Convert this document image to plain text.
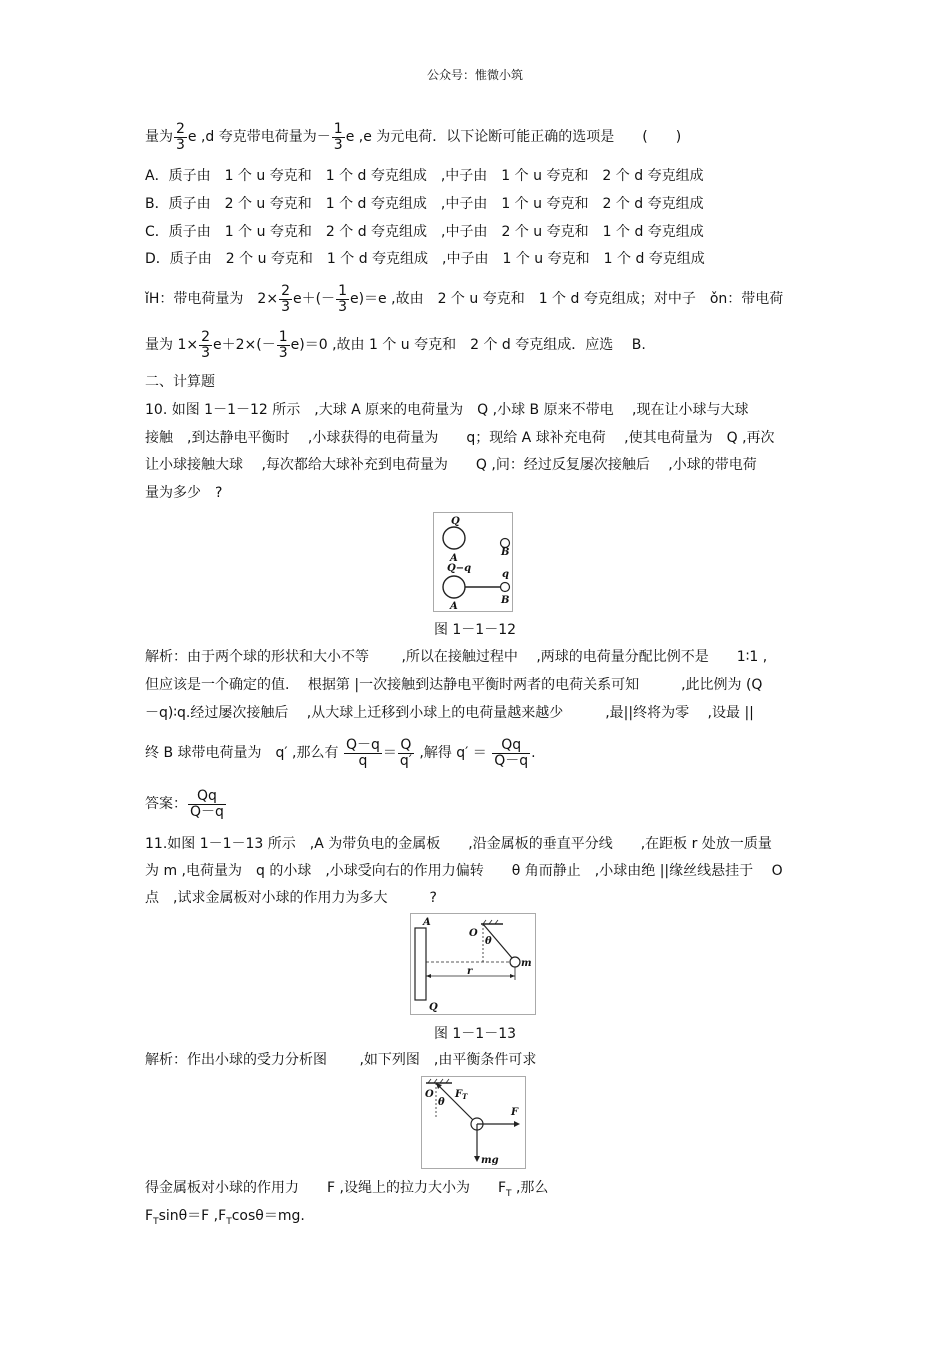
公众号：惟微小筑
量为 $\frac{2}{3}$ e ,d 夸克带电荷量为－ $\frac{1}{3}$ e ,e 为元电荷．以下论断可能正确的选项是　　(　　)
A．质子由　1 个 u 夸克和　1 个 d 夸克组成　,中子由　1 个 u 夸克和　2 个 d 夸克组成
B．质子由　2 个 u 夸克和　1 个 d 夸克组成　,中子由　1 个 u 夸克和　2 个 d 夸克组成
C．质子由　1 个 u 夸克和　2 个 d 夸克组成　,中子由　2 个 u 夸克和　1 个 d 夸克组成
D．质子由　2 个 u 夸克和　1 个 d 夸克组成　,中子由　1 个 u 夸克和　1 个 d 夸克组成
ǐH：带电荷量为　$2\times \frac{2}{3} e+(- \frac{1}{3} e)=e$ ,故由　2 个 u 夸克和　1 个 d 夸克组成；对中子　ǒn：带电荷
量为 $1\times \frac{2}{3} e+2\times(- \frac{1}{3} e)=0$ ,故由 1 个 u 夸克和　2 个 d 夸克组成．应选　 B.
二、计算题
10. 如图 1－1－12 所示　,大球 A 原来的电荷量为　Q ,小球 B 原来不带电　 ,现在让小球与大球
接触　,到达静电平衡时　 ,小球获得的电荷量为　　q；现给 A 球补充电荷　 ,使其电荷量为　Q ,再次
让小球接触大球　 ,每次都给大球补充到电荷量为　　Q ,问：经过反复屡次接触后　 ,小球的带电荷
量为多少　?
Q
A
B
Q−q
q
A
B
图 1－1－12
解析：由于两个球的形状和大小不等　　 ,所以在接触过程中　 ,两球的电荷量分配比例不是　　1∶1 ,
但应该是一个确定的值.　 根据第 |一次接触到达静电平衡时两者的电荷关系可知　　　,此比例为 (Q
－q)∶q.经过屡次接触后　 ,从大球上迁移到小球上的电荷量越来越少　　　,最||终将为零　 ,设最 ||
终 B 球带电荷量为　q′ ,那么有 $\frac{Q-q}{q} = \frac{Q}{q'}$ ,解得 $q' = \frac{Qq}{Q-q}$ .
答案： $\frac{Qq}{Q-q}$
11.如图 1－1－13 所示　,A 为带负电的金属板　　,沿金属板的垂直平分线　　,在距板 r 处放一质量
为 m ,电荷量为　q 的小球　,小球受向右的作用力偏转　　θ 角而静止　,小球由绝 ||缘丝线悬挂于　 O
点　,试求金属板对小球的作用力为多大　　　?
A
Q
O
θ
m
r
图 1－1－13
解析：作出小球的受力分析图　　 ,如下列图　,由平衡条件可求
O
θ
$F_T$
F
mg
得金属板对小球的作用力　　F ,设绳上的拉力大小为　　$F_T$ ,那么
$F_T\sin\theta=F$ $,F_T\cos\theta=mg$.
